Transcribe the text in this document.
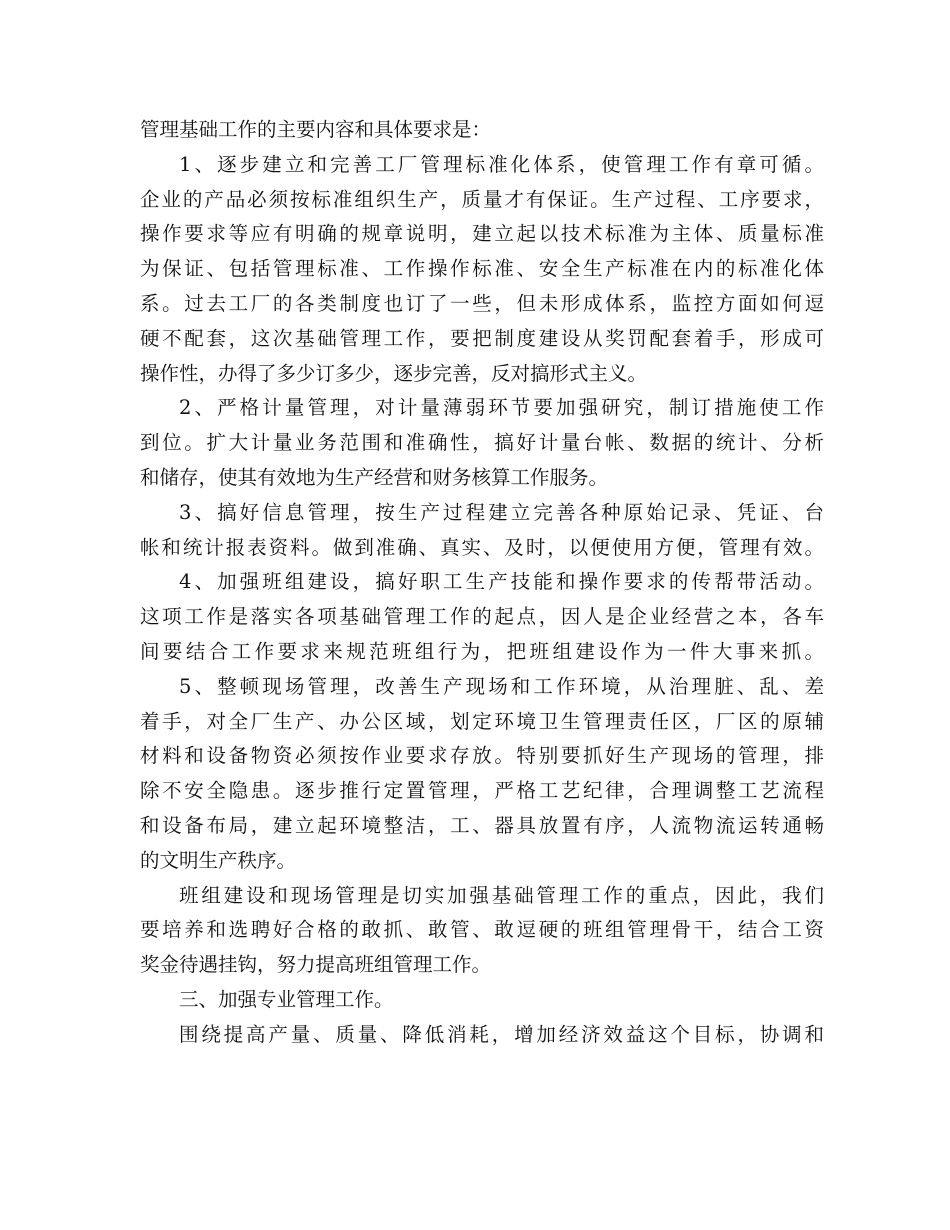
管理基础工作的主要内容和具体要求是：
1、逐步建立和完善工厂管理标准化体系，使管理工作有章可循。
企业的产品必须按标准组织生产，质量才有保证。生产过程、工序要求，
操作要求等应有明确的规章说明，建立起以技术标准为主体、质量标准
为保证、包括管理标准、工作操作标准、安全生产标准在内的标准化体
系。过去工厂的各类制度也订了一些，但未形成体系，监控方面如何逗
硬不配套，这次基础管理工作，要把制度建设从奖罚配套着手，形成可
操作性，办得了多少订多少，逐步完善，反对搞形式主义。
2、严格计量管理，对计量薄弱环节要加强研究，制订措施使工作
到位。扩大计量业务范围和准确性，搞好计量台帐、数据的统计、分析
和储存，使其有效地为生产经营和财务核算工作服务。
3、搞好信息管理，按生产过程建立完善各种原始记录、凭证、台
帐和统计报表资料。做到准确、真实、及时，以便使用方便，管理有效。
4、加强班组建设，搞好职工生产技能和操作要求的传帮带活动。
这项工作是落实各项基础管理工作的起点，因人是企业经营之本，各车
间要结合工作要求来规范班组行为，把班组建设作为一件大事来抓。
5、整顿现场管理，改善生产现场和工作环境，从治理脏、乱、差
着手，对全厂生产、办公区域，划定环境卫生管理责任区，厂区的原辅
材料和设备物资必须按作业要求存放。特别要抓好生产现场的管理，排
除不安全隐患。逐步推行定置管理，严格工艺纪律，合理调整工艺流程
和设备布局，建立起环境整洁，工、器具放置有序，人流物流运转通畅
的文明生产秩序。
班组建设和现场管理是切实加强基础管理工作的重点，因此，我们
要培养和选聘好合格的敢抓、敢管、敢逗硬的班组管理骨干，结合工资
奖金待遇挂钩，努力提高班组管理工作。
三、加强专业管理工作。
围绕提高产量、质量、降低消耗，增加经济效益这个目标，协调和
